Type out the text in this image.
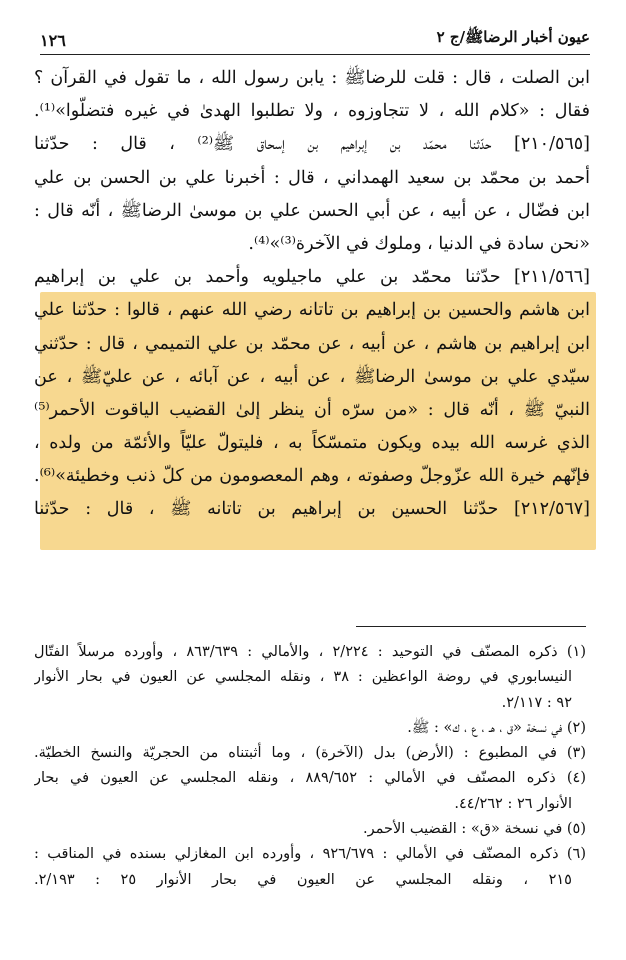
عيون أخبار الرضاﷺ/ج ٢
١٢٦
ابن الصلت ، قال : قلت للرضاﷺ : يابن رسول الله ، ما تقول في القرآن ؟
فقال : «كلام الله ، لا تتجاوزوه ، ولا تطلبوا الهدىٰ في غيره فتضلّوا»⁽¹⁾.
[٢١٠/٥٦٥] حدّثنا محمّد بن إبراهيم بن إسحاق ﷺ⁽²⁾ ، قال : حدّثنا
أحمد بن محمّد بن سعيد الهمداني ، قال : أخبرنا علي بن الحسن بن علي
ابن فضّال ، عن أبيه ، عن أبي الحسن علي بن موسىٰ الرضاﷺ ، أنّه قال :
«نحن سادة في الدنيا ، وملوك في الآخرة⁽³⁾»⁽⁴⁾.
[٢١١/٥٦٦] حدّثنا محمّد بن علي ماجيلويه وأحمد بن علي بن إبراهيم
ابن هاشم والحسين بن إبراهيم بن تاتانه رضي الله عنهم ، قالوا : حدّثنا علي
ابن إبراهيم بن هاشم ، عن أبيه ، عن محمّد بن علي التميمي ، قال : حدّثني
سيّدي علي بن موسىٰ الرضاﷺ ، عن أبيه ، عن آبائه ، عن عليّﷺ ، عن
النبيّ ﷺ ، أنّه قال : «من سرّه أن ينظر إلىٰ القضيب الياقوت الأحمر⁽⁵⁾
الذي غرسه الله بيده ويكون متمسّكاً به ، فليتولّ عليّاً والأئمّة من ولده ،
فإنّهم خيرة الله عزّوجلّ وصفوته ، وهم المعصومون من كلّ ذنب وخطيئة»⁽⁶⁾.
[٢١٢/٥٦٧] حدّثنا الحسين بن إبراهيم بن تاتانه ﷺ ، قال : حدّثنا
(١) ذكره المصنّف في التوحيد : ٢/٢٢٤ ، والأمالي : ٨٦٣/٦٣٩ ، وأورده مرسلاً الفتّال
النيسابوري في روضة الواعظين : ٣٨ ، ونقله المجلسي عن العيون في بحار الأنوار
٩٢ : ٢/١١٧.
(٢) في نسخة «ق ، هـ ، ع ، ك» : ﷺ.
(٣) في المطبوع : (الأرض) بدل (الآخرة) ، وما أثبتناه من الحجريّة والنسخ الخطيّة.
(٤) ذكره المصنّف في الأمالي : ٨٨٩/٦٥٢ ، ونقله المجلسي عن العيون في بحار
الأنوار ٢٦ : ٤٤/٢٦٢.
(٥) في نسخة «ق» : القضيب الأحمر.
(٦) ذكره المصنّف في الأمالي : ٩٢٦/٦٧٩ ، وأورده ابن المغازلي بسنده في المناقب :
٢١٥ ، ونقله المجلسي عن العيون في بحار الأنوار ٢٥ : ٢/١٩٣.
